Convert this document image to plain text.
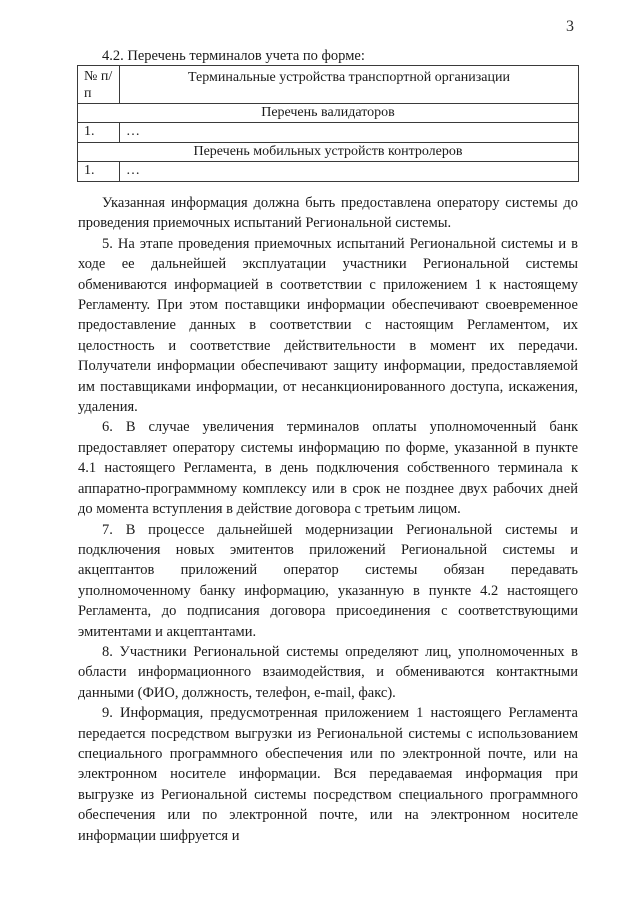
3
4.2. Перечень терминалов учета по форме:
№ п/п	Терминальные устройства транспортной организации
Перечень валидаторов	
1.	…
Перечень мобильных устройств контролеров	
1.	…

Указанная информация должна быть предоставлена оператору системы до проведения приемочных испытаний Региональной системы.

5. На этапе проведения приемочных испытаний Региональной системы и в ходе ее дальнейшей эксплуатации участники Региональной системы обмениваются информацией в соответствии с приложением 1 к настоящему Регламенту. При этом поставщики информации обеспечивают своевременное предоставление данных в соответствии с настоящим Регламентом, их целостность и соответствие действительности в момент их передачи. Получатели информации обеспечивают защиту информации, предоставляемой им поставщиками информации, от несанкционированного доступа, искажения, удаления.

6. В случае увеличения терминалов оплаты уполномоченный банк предоставляет оператору системы информацию по форме, указанной в пункте 4.1 настоящего Регламента, в день подключения собственного терминала к аппаратно-программному комплексу или в срок не позднее двух рабочих дней до момента вступления в действие договора с третьим лицом.

7. В процессе дальнейшей модернизации Региональной системы и подключения новых эмитентов приложений Региональной системы и акцептантов приложений оператор системы обязан передавать уполномоченному банку информацию, указанную в пункте 4.2 настоящего Регламента, до подписания договора присоединения с соответствующими эмитентами и акцептантами.

8. Участники Региональной системы определяют лиц, уполномоченных в области информационного взаимодействия, и обмениваются контактными данными (ФИО, должность, телефон, e-mail, факс).

9. Информация, предусмотренная приложением 1 настоящего Регламента передается посредством выгрузки из Региональной системы с использованием специального программного обеспечения или по электронной почте, или на электронном носителе информации. Вся передаваемая информация при выгрузке из Региональной системы посредством специального программного обеспечения или по электронной почте, или на электронном носителе информации шифруется и
